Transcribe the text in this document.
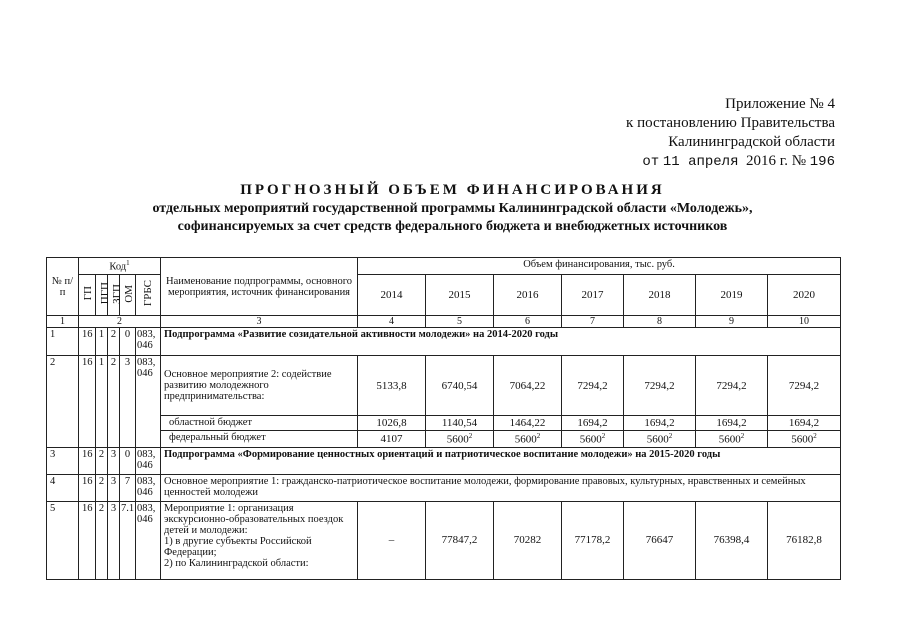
Приложение № 4
к постановлению Правительства
Калининградской области
от 11 апреля 2016 г. № 196
ПРОГНОЗНЫЙ ОБЪЕМ ФИНАНСИРОВАНИЯ
отдельных мероприятий государственной программы Калининградской области «Молодежь»,
софинансируемых за счет средств федерального бюджета и внебюджетных источников
№ п/п	Код$^1$					Наименование подпрограммы, основного мероприятия, источник финансирования	Объем финансирования, тыс. руб.						
	ГП	ПГП	ЗГП	ОМ	ГРБС		2014	2015	2016	2017	2018	2019	2020
1	2					3	4	5	6	7	8	9	10
1	16	1	2	0	083, 046	Подпрограмма «Развитие созидательной активности молодежи» на 2014-2020 годы							
2	16	1	2	3	083, 046	Основное мероприятие 2: содействие развитию молодежного предпринимательства:	5133,8	6740,54	7064,22	7294,2	7294,2	7294,2	7294,2
						областной бюджет	1026,8	1140,54	1464,22	1694,2	1694,2	1694,2	1694,2
						федеральный бюджет	4107	5600$^2$	5600$^2$	5600$^2$	5600$^2$	5600$^2$	5600$^2$
3	16	2	3	0	083, 046	Подпрограмма «Формирование ценностных ориентаций и патриотическое воспитание молодежи» на 2015-2020 годы							
4	16	2	3	7	083, 046	Основное мероприятие 1: гражданско-патриотическое воспитание молодежи, формирование правовых, культурных, нравственных и семейных ценностей молодежи							
5	16	2	3	7.1	083, 046	Мероприятие 1: организация экскурсионно-образовательных поездок детей и молодежи:
1) в другие субъекты Российской Федерации;
2) по Калининградской области:	–	77847,2	70282	77178,2	76647	76398,4	76182,8
